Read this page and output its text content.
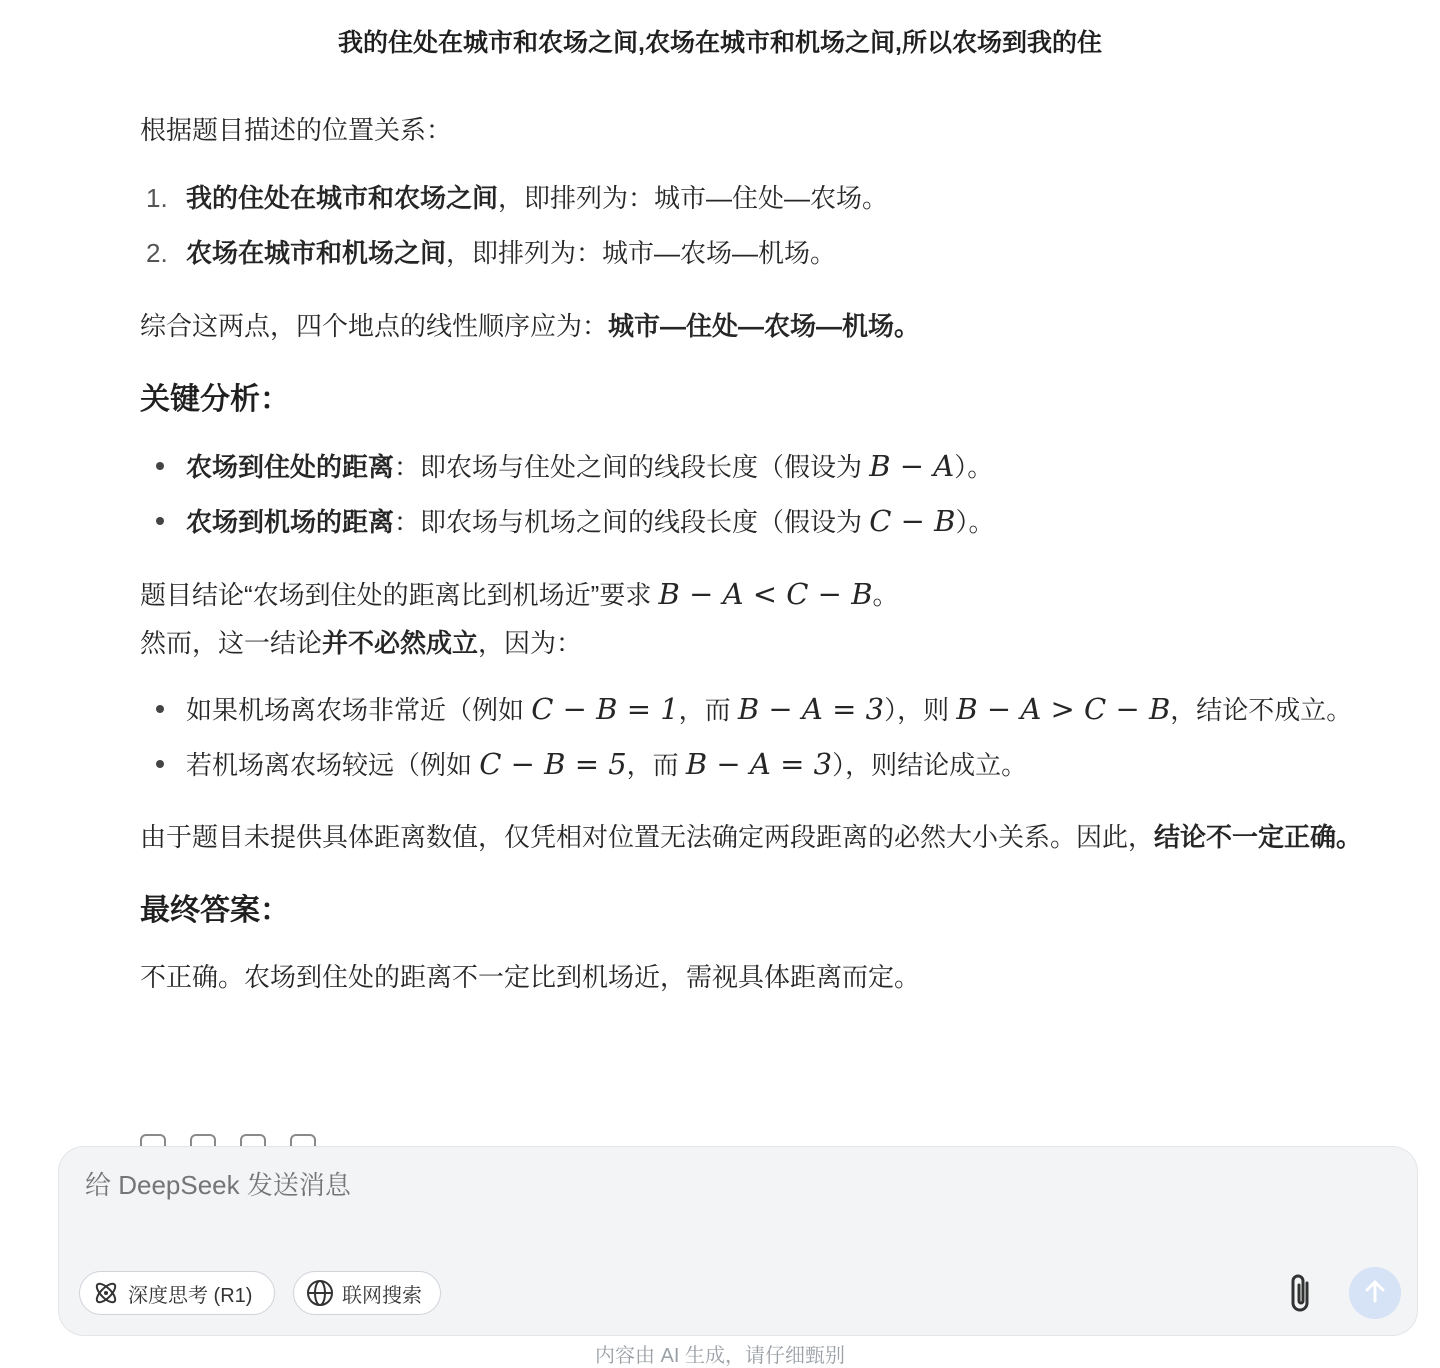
我的住处在城市和农场之间,农场在城市和机场之间,所以农场到我的住

根据题目描述的位置关系：

1. 我的住处在城市和农场之间，即排列为：城市—住处—农场。
2. 农场在城市和机场之间，即排列为：城市—农场—机场。

综合这两点，四个地点的线性顺序应为：城市—住处—农场—机场。

关键分析：
农场到住处的距离：即农场与住处之间的线段长度（假设为 B − A）。
农场到机场的距离：即农场与机场之间的线段长度（假设为 C − B）。

题目结论“农场到住处的距离比到机场近”要求 B − A < C − B。

然而，这一结论并不必然成立，因为：

如果机场离农场非常近（例如 C − B = 1，而 B − A = 3），则 B − A > C − B，结论不成立。
若机场离农场较远（例如 C − B = 5，而 B − A = 3），则结论成立。

由于题目未提供具体距离数值，仅凭相对位置无法确定两段距离的必然大小关系。因此，结论不一定正确。

最终答案：

不正确。农场到住处的距离不一定比到机场近，需视具体距离而定。

给 DeepSeek 发送消息
深度思考 (R1)	联网搜索
内容由 AI 生成，请仔细甄别
